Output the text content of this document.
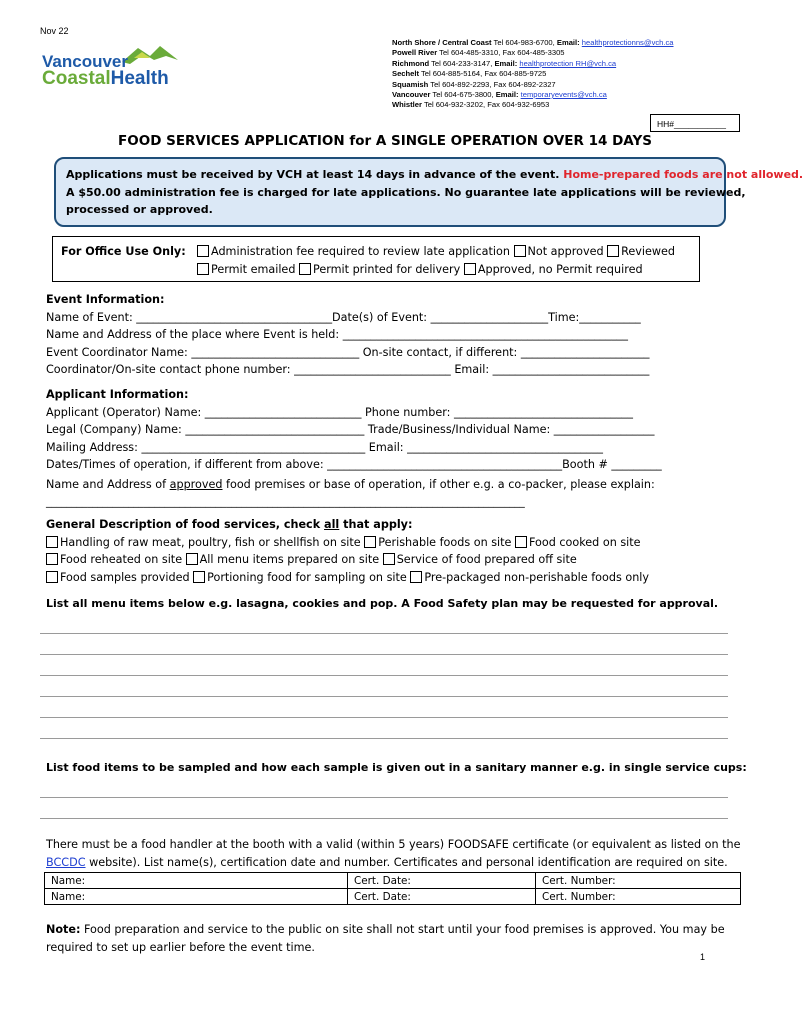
Nov 22
Vancouver
CoastalHealth
North Shore / Central Coast Tel 604-983-6700, Email: healthprotectionns@vch.ca
Powell River Tel 604-485-3310, Fax 604-485-3305
Richmond Tel 604-233-3147, Email: healthprotection RH@vch.ca
Sechelt Tel 604-885-5164, Fax 604-885-9725
Squamish Tel 604-892-2293, Fax 604-892-2327
Vancouver Tel 604-675-3800, Email: temporaryevents@vch.ca
Whistler Tel 604-932-3202, Fax 604-932-6953
HH#___________
FOOD SERVICES APPLICATION for A SINGLE OPERATION OVER 14 DAYS
Applications must be received by VCH at least 14 days in advance of the event. Home-prepared foods are not allowed.
A $50.00 administration fee is charged for late applications. No guarantee late applications will be reviewed,
processed or approved.
For Office Use Only:	Administration fee required to review late application Not approved Reviewed
Permit emailed Permit printed for delivery Approved, no Permit required
Event Information:
Name of Event: ___________________________________Date(s) of Event: _____________________Time:___________
Name and Address of the place where Event is held: ___________________________________________________
Event Coordinator Name: ______________________________ On-site contact, if different: _______________________
Coordinator/On-site contact phone number: ____________________________ Email: ____________________________
Applicant Information:
Applicant (Operator) Name: ____________________________ Phone number: ________________________________
Legal (Company) Name: ________________________________ Trade/Business/Individual Name: __________________
Mailing Address: ________________________________________ Email: ___________________________________
Dates/Times of operation, if different from above: __________________________________________Booth # _________
Name and Address of approved food premises or base of operation, if other e.g. a co-packer, please explain:
_____________________________________________________________________________________________
General Description of food services, check all that apply:
Handling of raw meat, poultry, fish or shellfish on site Perishable foods on site Food cooked on site
Food reheated on site All menu items prepared on site Service of food prepared off site
Food samples provided Portioning food for sampling on site Pre-packaged non-perishable foods only
List all menu items below e.g. lasagna, cookies and pop. A Food Safety plan may be requested for approval.
List food items to be sampled and how each sample is given out in a sanitary manner e.g. in single service cups:
There must be a food handler at the booth with a valid (within 5 years) FOODSAFE certificate (or equivalent as listed on the
BCCDC website). List name(s), certification date and number. Certificates and personal identification are required on site.
Name:	Cert. Date:	Cert. Number:
Name:	Cert. Date:	Cert. Number:
Note: Food preparation and service to the public on site shall not start until your food premises is approved. You may be
required to set up earlier before the event time.
1
